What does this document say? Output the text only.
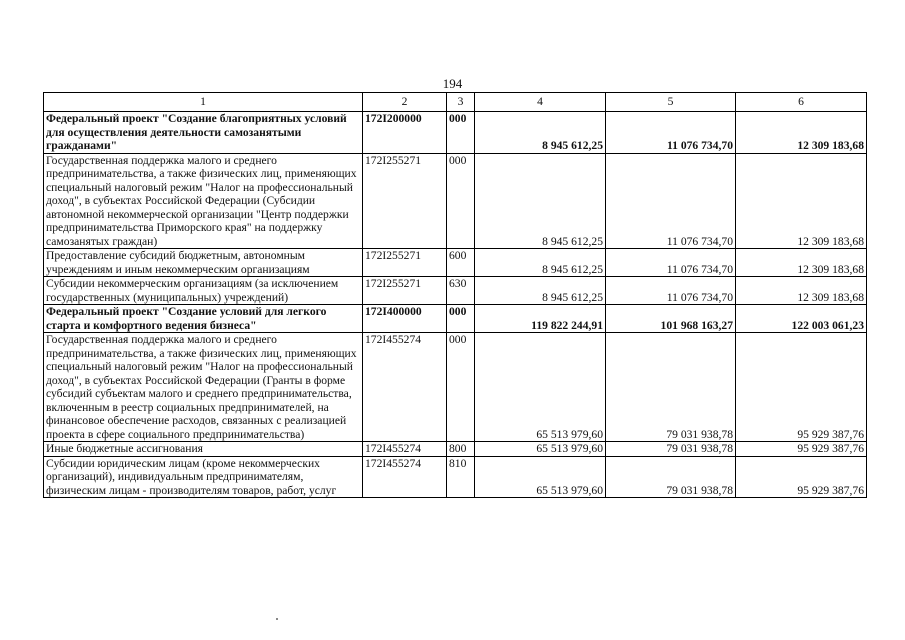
194
1	2	3	4	5	6
Федеральный проект "Создание благоприятных условий для осуществления деятельности самозанятыми гражданами"	172I200000	000	8 945 612,25	11 076 734,70	12 309 183,68
Государственная поддержка малого и среднего предпринимательства, а также физических лиц, применяющих специальный налоговый режим "Налог на профессиональный доход", в субъектах Российской Федерации (Субсидии автономной некоммерческой организации "Центр поддержки предпринимательства Приморского края" на поддержку самозанятых граждан)	172I255271	000	8 945 612,25	11 076 734,70	12 309 183,68
Предоставление субсидий бюджетным, автономным учреждениям и иным некоммерческим организациям	172I255271	600	8 945 612,25	11 076 734,70	12 309 183,68
Субсидии некоммерческим организациям (за исключением государственных (муниципальных) учреждений)	172I255271	630	8 945 612,25	11 076 734,70	12 309 183,68
Федеральный проект "Создание условий для легкого старта и комфортного ведения бизнеса"	172I400000	000	119 822 244,91	101 968 163,27	122 003 061,23
Государственная поддержка малого и среднего предпринимательства, а также физических лиц, применяющих специальный налоговый режим "Налог на профессиональный доход", в субъектах Российской Федерации (Гранты в форме субсидий субъектам малого и среднего предпринимательства, включенным в реестр социальных предпринимателей, на финансовое обеспечение расходов, связанных с реализацией проекта в сфере социального предпринимательства)	172I455274	000	65 513 979,60	79 031 938,78	95 929 387,76
Иные бюджетные ассигнования	172I455274	800	65 513 979,60	79 031 938,78	95 929 387,76
Субсидии юридическим лицам (кроме некоммерческих организаций), индивидуальным предпринимателям, физическим лицам - производителям товаров, работ, услуг	172I455274	810	65 513 979,60	79 031 938,78	95 929 387,76
